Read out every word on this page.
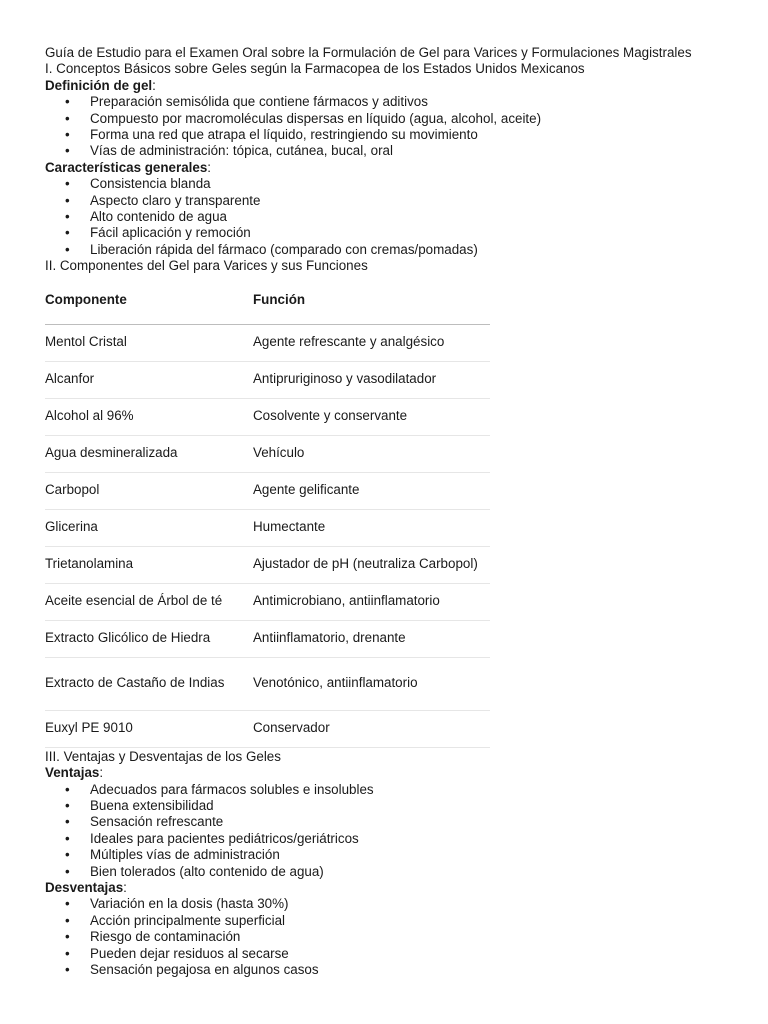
Guía de Estudio para el Examen Oral sobre la Formulación de Gel para Varices y Formulaciones Magistrales
I. Conceptos Básicos sobre Geles según la Farmacopea de los Estados Unidos Mexicanos
Definición de gel:
• Preparación semisólida que contiene fármacos y aditivos
• Compuesto por macromoléculas dispersas en líquido (agua, alcohol, aceite)
• Forma una red que atrapa el líquido, restringiendo su movimiento
• Vías de administración: tópica, cutánea, bucal, oral
Características generales:
• Consistencia blanda
• Aspecto claro y transparente
• Alto contenido de agua
• Fácil aplicación y remoción
• Liberación rápida del fármaco (comparado con cremas/pomadas)
II. Componentes del Gel para Varices y sus Funciones
Componente	Función
Mentol Cristal	Agente refrescante y analgésico
Alcanfor	Antipruriginoso y vasodilatador
Alcohol al 96%	Cosolvente y conservante
Agua desmineralizada	Vehículo
Carbopol	Agente gelificante
Glicerina	Humectante
Trietanolamina	Ajustador de pH (neutraliza Carbopol)
Aceite esencial de Árbol de té	Antimicrobiano, antiinflamatorio
Extracto Glicólico de Hiedra	Antiinflamatorio, drenante
Extracto de Castaño de Indias	Venotónico, antiinflamatorio
Euxyl PE 9010	Conservador
III. Ventajas y Desventajas de los Geles
Ventajas:
• Adecuados para fármacos solubles e insolubles
• Buena extensibilidad
• Sensación refrescante
• Ideales para pacientes pediátricos/geriátricos
• Múltiples vías de administración
• Bien tolerados (alto contenido de agua)
Desventajas:
• Variación en la dosis (hasta 30%)
• Acción principalmente superficial
• Riesgo de contaminación
• Pueden dejar residuos al secarse
• Sensación pegajosa en algunos casos
